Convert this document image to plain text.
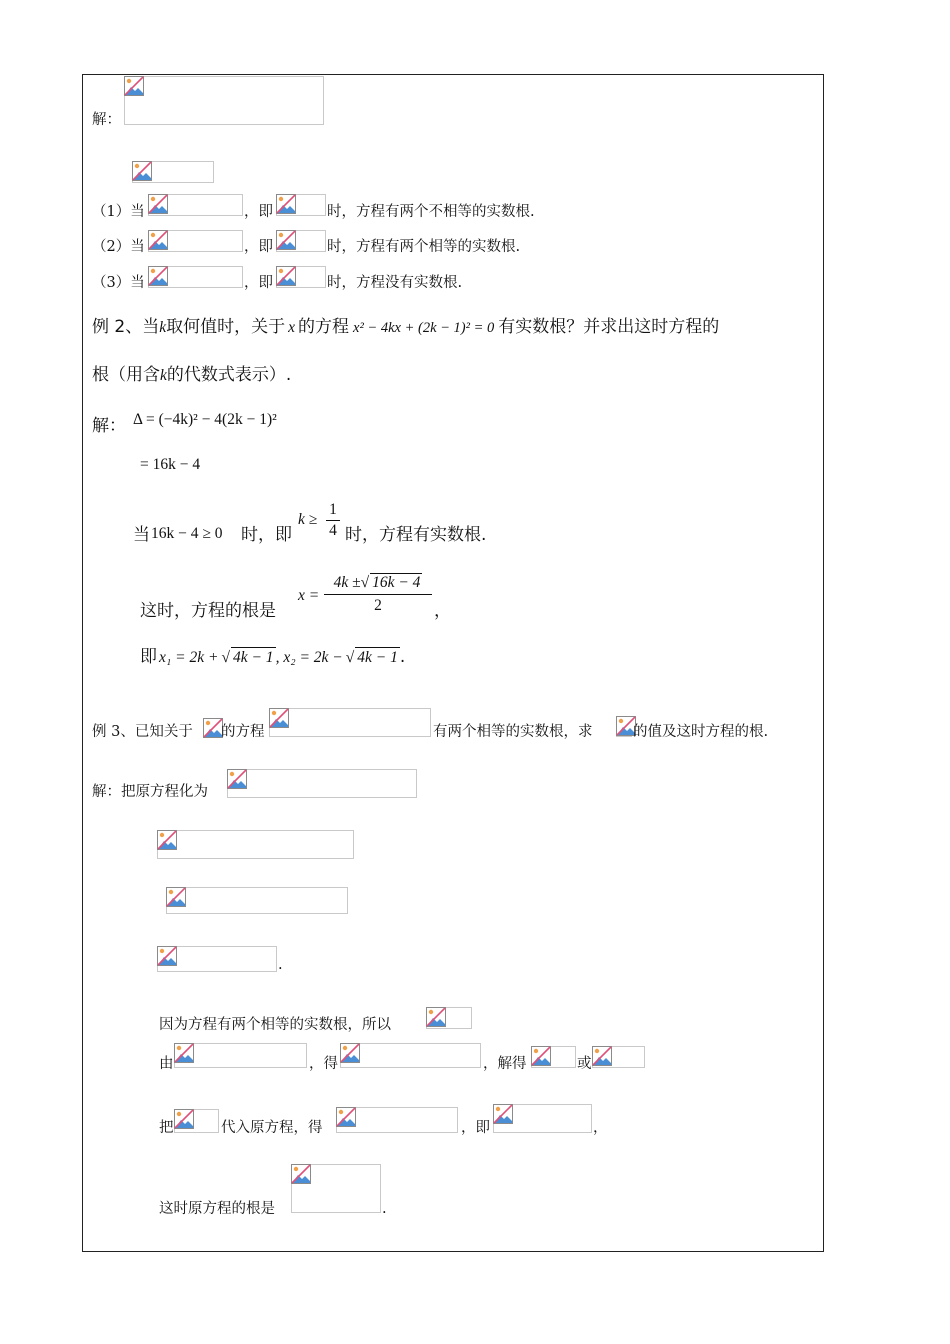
解：
（1）当	，即	时，方程有两个不相等的实数根.
（2）当	，即	时，方程有两个相等的实数根.
（3）当	，即	时，方程没有实数根.
例 2、当k取何值时，关于 x 的方程 x² − 4kx + (2k − 1)² = 0 有实数根？并求出这时方程的
根（用含k的代数式表示）.
解： Δ = (−4k)² − 4(2k − 1)²
= 16k − 4
当 16k − 4 ≥ 0 时，即
$k \ge \frac{1}{4}$ 时，方程有实数根.
这时，方程的根是
$x = \frac{4k \pm√ 16k - 4}{2}$ ，
即 x₁ = 2k + √ 4k − 1 , x₂ = 2k − √ 4k − 1 .
例 3、已知关于 的方程	有两个相等的实数根，求	的值及这时方程的根.
解：把原方程化为
.
因为方程有两个相等的实数根，所以
由	，得	，解得	或
把	代入原方程，得	，即	，
这时原方程的根是	.
